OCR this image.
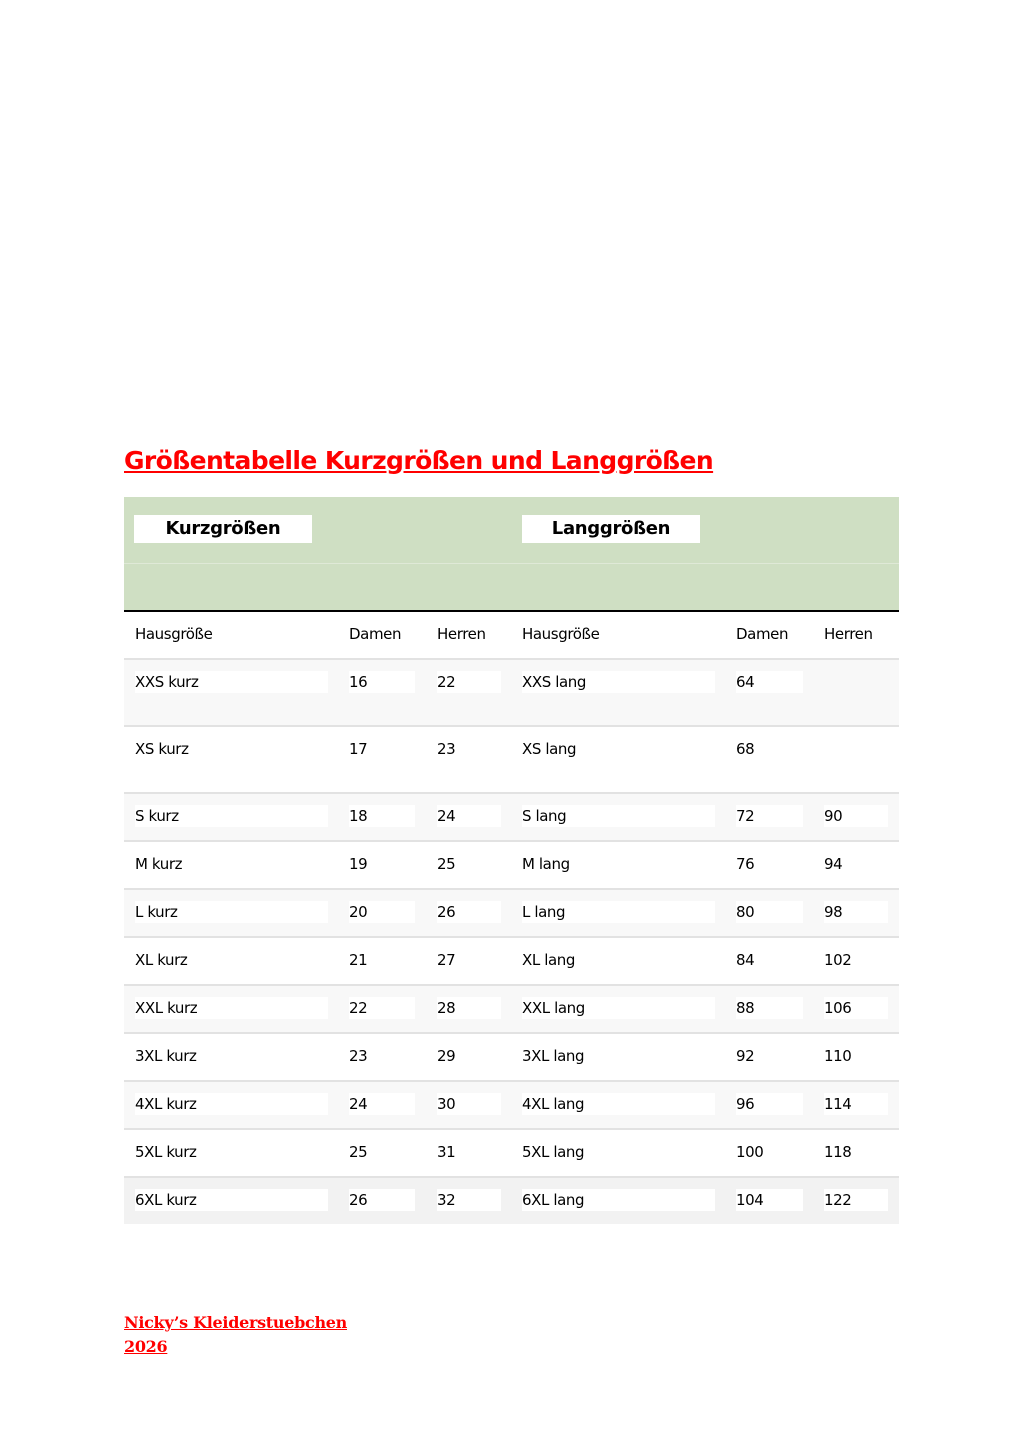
Größentabelle Kurzgrößen und Langgrößen
Kurzgrößen	Langgrößen
Hausgröße	Damen	Herren	Hausgröße	Damen	Herren
XXS kurz	16	22	XXS lang	64
XS kurz	17	23	XS lang	68
S kurz	18	24	S lang	72	90
M kurz	19	25	M lang	76	94
L kurz	20	26	L lang	80	98
XL kurz	21	27	XL lang	84	102
XXL kurz	22	28	XXL lang	88	106
3XL kurz	23	29	3XL lang	92	110
4XL kurz	24	30	4XL lang	96	114
5XL kurz	25	31	5XL lang	100	118
6XL kurz	26	32	6XL lang	104	122
Nicky’s Kleiderstuebchen
2026
